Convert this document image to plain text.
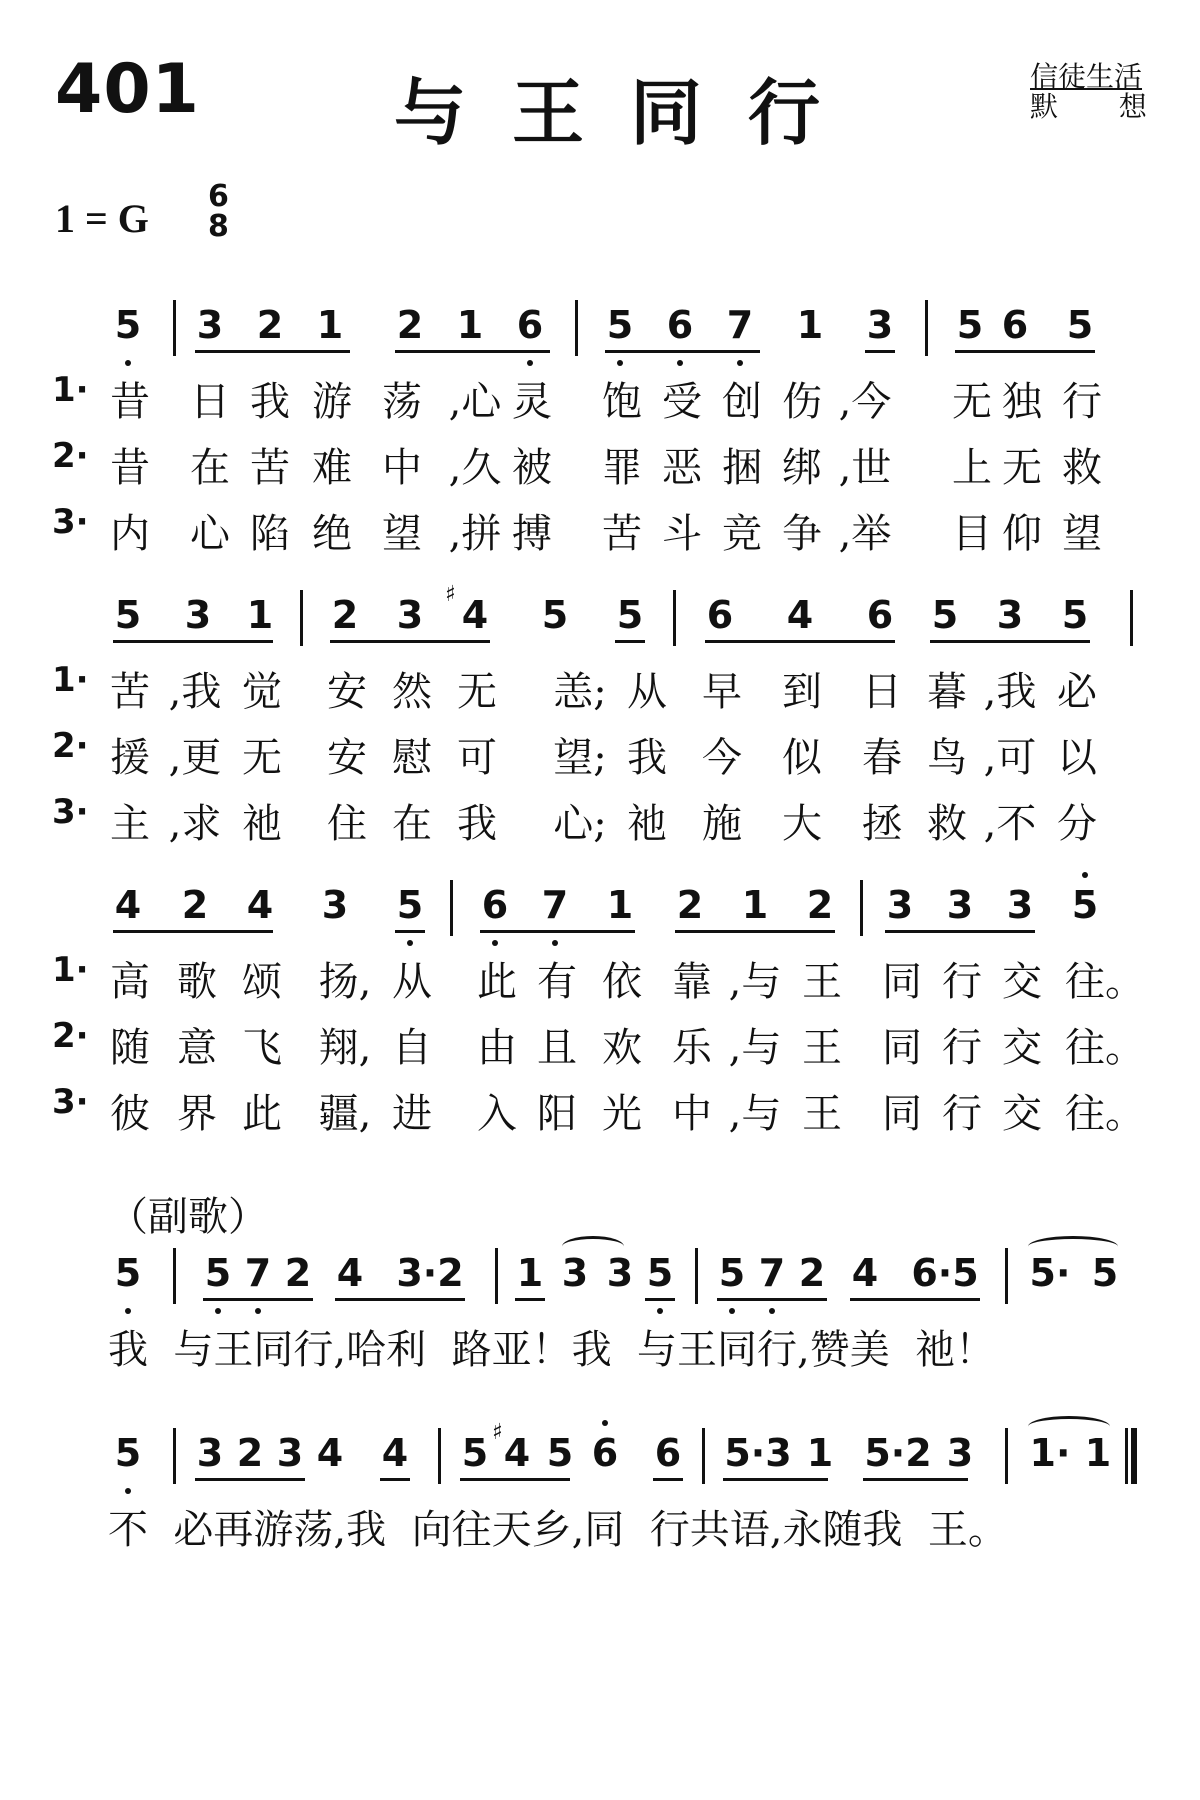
401	与王同行	信徒生活
默 想
1 = G 6
8
5 3 2 1 2 1 6 5 6 7 1 3 5 6 5
1· 昔 日 我 游 荡 ,心 灵 饱 受 创 伤 ,今 无 独 行
2· 昔 在 苦 难 中 ,久 被 罪 恶 捆 绑 ,世 上 无 救
3· 内 心 陷 绝 望 ,拼 搏 苦 斗 竞 争 ,举 目 仰 望
5 3 1 2 3 ♯ 4 5 5 6 4 6 5 3 5
1· 苦 ,我 觉 安 然 无 恙; 从 早 到 日 暮 ,我 必
2· 援 ,更 无 安 慰 可 望; 我 今 似 春 鸟 ,可 以
3· 主 ,求 祂 住 在 我 心; 祂 施 大 拯 救 ,不 分
4 2 4 3 5 6 7 1 2 1 2 3 3 3 5
1· 高 歌 颂 扬, 从 此 有 依 靠 ,与 王 同 行 交 往。
2· 随 意 飞 翔, 自 由 且 欢 乐 ,与 王 同 行 交 往。
3· 彼 界 此 疆, 进 入 阳 光 中 ,与 王 同 行 交 往。
（副歌）
5 5 7 2 4 3·2 1 3 3 5 5 7 2 4 6·5 5· 5
我  与王同行,哈利  路亚！我  与王同行,赞美  祂！
5 3 2 3 4 4 5 ♯ 4 5 6 6 5·3 1 5·2 3 1· 1
不  必再游荡,我  向往天乡,同  行共语,永随我  王。
